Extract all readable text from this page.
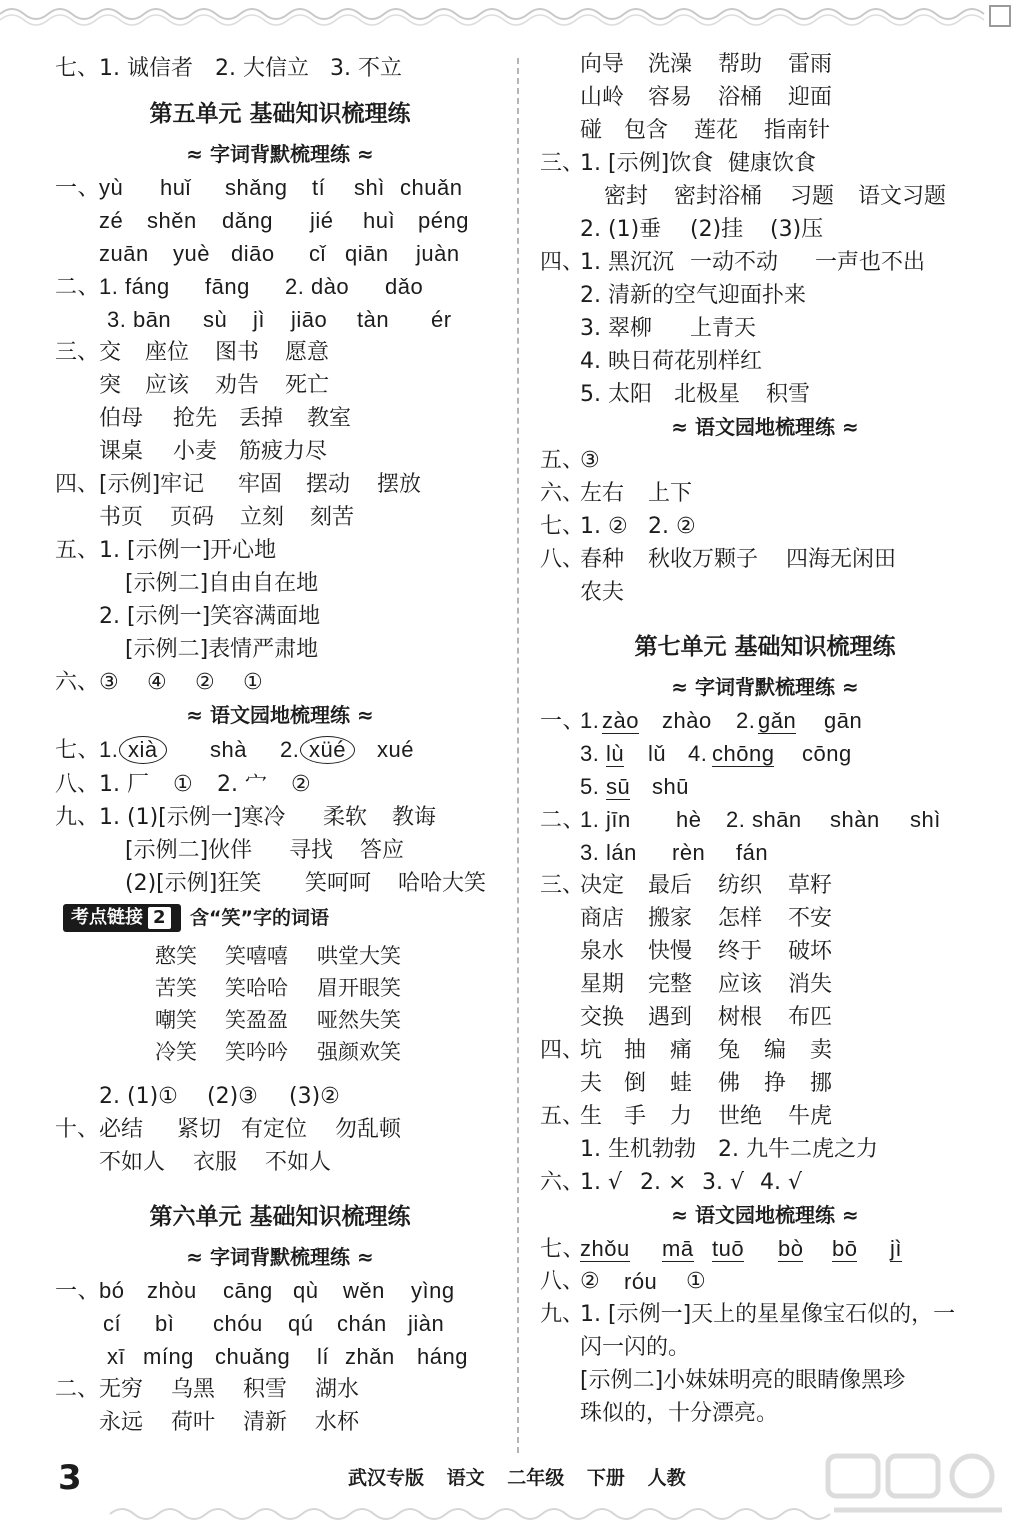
七、 1. 诚信者 2. 大信立 3. 不立
第五单元 基础知识梳理练
≈ 字词背默梳理练 ≈
一、
yù huǐ shǎng tí shì chuǎn
zé shěn dǎng jié huì péng
zuān yuè diāo cǐ qiān juàn
二、
1. fáng fāng 2. dào dǎo
3. bān sù jì jiāo tàn ér
三、 交 座位 图书 愿意
突 应该 劝告 死亡
伯母 抢先 丢掉 教室
课桌 小麦 筋疲力尽
四、 [示例]牢记 牢固 摆动 摆放
书页 页码 立刻 刻苦
五、 1. [示例一]开心地
[示例二]自由自在地
2. [示例一]笑容满面地
[示例二]表情严肃地
六、 ③ ④ ② ①
≈ 语文园地梳理练 ≈
七、
1. xià	shà 2. xüé	xué
八、 1. 厂 ① 2. 宀 ②
九、 1. (1)[示例一]寒冷 柔软 教诲
[示例二]伙伴 寻找 答应
(2)[示例]狂笑 笑呵呵 哈哈大笑
考点链接 2	含“笑”字的词语
憨笑 笑嘻嘻 哄堂大笑
苦笑 笑哈哈 眉开眼笑
嘲笑 笑盈盈 哑然失笑
冷笑 笑吟吟 强颜欢笑
2. (1)① (2)③ (3)②
十、 必结 紧切 有定位 勿乱顿
不如人 衣服 不如人
第六单元 基础知识梳理练
≈ 字词背默梳理练 ≈
一、
bó zhòu cāng qù wěn yìng
cí bì chóu qú chán jiàn
xī míng chuǎng lí zhǎn háng
二、 无穷 乌黑 积雪 湖水
永远 荷叶 清新 水杯
向导 洗澡 帮助 雷雨
山岭 容易 浴桶 迎面
碰 包含 莲花 指南针
三、
1. [示例]饮食 健康饮食
密封 密封浴桶 习题 语文习题
2. (1)垂 (2)挂 (3)压
四、
1. 黑沉沉 一动不动 一声也不出
2. 清新的空气迎面扑来
3. 翠柳 上青天
4. 映日荷花别样红
5. 太阳 北极星 积雪
≈ 语文园地梳理练 ≈
五、
③
六、
左右 上下
七、
1. ② 2. ②
八、
春种 秋收万颗子 四海无闲田
农夫
第七单元 基础知识梳理练
≈ 字词背默梳理练 ≈
一、
1. zào zhào 2. gǎn gān
3. lù lǔ 4. chōng cōng
5. sū shū
二、
1. jīn hè 2. shān shàn shì
3. lán rèn fán
三、
决定 最后 纺织 草籽
商店 搬家 怎样 不安
泉水 快慢 终于 破坏
星期 完整 应该 消失
交换 遇到 树根 布匹
四、
坑 抽 痛 兔 编 卖
夫 倒 蛙 佛 挣 挪
五、
生 手 力 世绝 牛虎
1. 生机勃勃 2. 九牛二虎之力
六、
1. √ 2. × 3. √ 4. √
≈ 语文园地梳理练 ≈
七、
zhǒu mā tuō bò bō jì
八、
② róu ①
九、
1. [示例一]天上的星星像宝石似的，一
闪一闪的。
[示例二]小妹妹明亮的眼睛像黑珍
珠似的，十分漂亮。
3	武汉专版 语文 二年级 下册 人教
